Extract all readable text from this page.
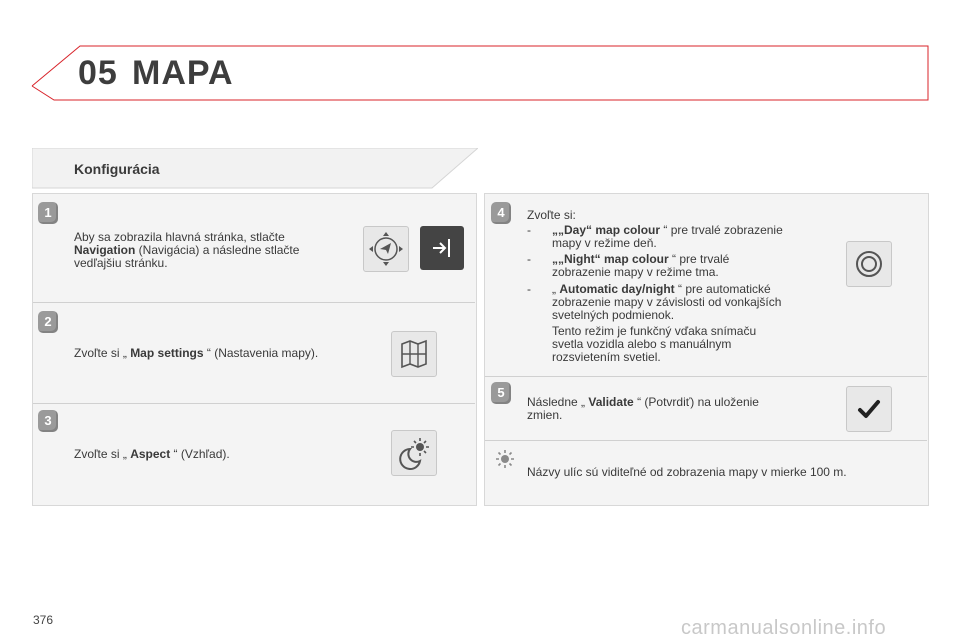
05 MAPA
Konfigurácia
1
Aby sa zobrazila hlavná stránka, stlačte
Navigation (Navigácia) a následne stlačte
vedľajšiu stránku.
2
Zvoľte si „ Map settings “ (Nastavenia mapy).
3
Zvoľte si „ Aspect “ (Vzhľad).
4	Zvoľte si:
- „„Day“ map colour “ pre trvalé zobrazenie
mapy v režime deň.
- „„Night“ map colour “ pre trvalé
zobrazenie mapy v režime tma.
- „ Automatic day/night “ pre automatické
zobrazenie mapy v závislosti od vonkajších
svetelných podmienok.
Tento režim je funkčný vďaka snímaču
svetla vozidla alebo s manuálnym
rozsvietením svetiel.
5
Následne „ Validate “ (Potvrdiť) na uloženie
zmien.
Názvy ulíc sú viditeľné od zobrazenia mapy v mierke 100 m.
376	carmanualsonline.info
